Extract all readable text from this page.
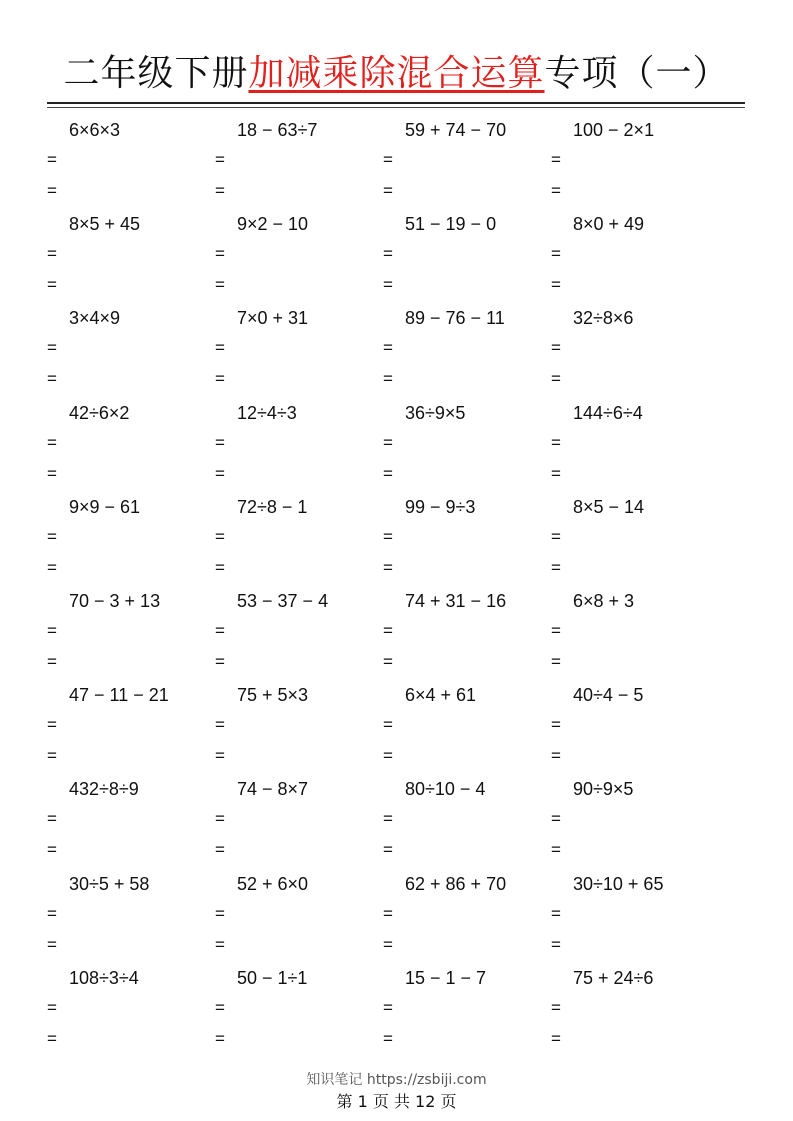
二年级下册加减乘除混合运算专项（一）
6×6×3
=
=
18 − 63÷7
=
=
59 + 74 − 70
=
=
100 − 2×1
=
=
8×5 + 45
=
=
9×2 − 10
=
=
51 − 19 − 0
=
=
8×0 + 49
=
=
3×4×9
=
=
7×0 + 31
=
=
89 − 76 − 11
=
=
32÷8×6
=
=
42÷6×2
=
=
12÷4÷3
=
=
36÷9×5
=
=
144÷6÷4
=
=
9×9 − 61
=
=
72÷8 − 1
=
=
99 − 9÷3
=
=
8×5 − 14
=
=
70 − 3 + 13
=
=
53 − 37 − 4
=
=
74 + 31 − 16
=
=
6×8 + 3
=
=
47 − 11 − 21
=
=
75 + 5×3
=
=
6×4 + 61
=
=
40÷4 − 5
=
=
432÷8÷9
=
=
74 − 8×7
=
=
80÷10 − 4
=
=
90÷9×5
=
=
30÷5 + 58
=
=
52 + 6×0
=
=
62 + 86 + 70
=
=
30÷10 + 65
=
=
108÷3÷4
=
=
50 − 1÷1
=
=
15 − 1 − 7
=
=
75 + 24÷6
=
=
知识笔记 https://zsbiji.com
第 1 页 共 12 页
